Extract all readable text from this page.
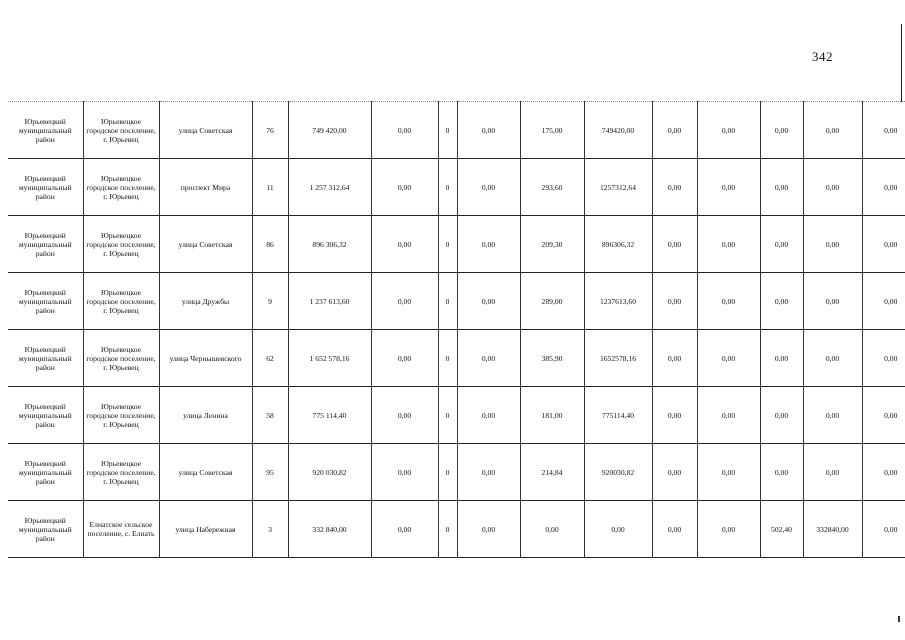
342
Юрьевецкий муниципальный район	Юрьевецкое городское поселение, г. Юрьевец	улица Советская	76	749 420,00	0,00	0	0,00	175,00	749420,00	0,00	0,00	0,00	0,00	0,00
Юрьевецкий муниципальный район	Юрьевецкое городское поселение, г. Юрьевец	проспект Мира	11	1 257 312,64	0,00	0	0,00	293,60	1257312,64	0,00	0,00	0,00	0,00	0,00
Юрьевецкий муниципальный район	Юрьевецкое городское поселение, г. Юрьевец	улица Советская	86	896 306,32	0,00	0	0,00	209,30	896306,32	0,00	0,00	0,00	0,00	0,00
Юрьевецкий муниципальный район	Юрьевецкое городское поселение, г. Юрьевец	улица Дружбы	9	1 237 613,60	0,00	0	0,00	289,00	1237613,60	0,00	0,00	0,00	0,00	0,00
Юрьевецкий муниципальный район	Юрьевецкое городское поселение, г. Юрьевец	улица Чернышевского	62	1 652 578,16	0,00	0	0,00	385,90	1652578,16	0,00	0,00	0,00	0,00	0,00
Юрьевецкий муниципальный район	Юрьевецкое городское поселение, г. Юрьевец	улица Ленина	58	775 114,40	0,00	0	0,00	181,00	775114,40	0,00	0,00	0,00	0,00	0,00
Юрьевецкий муниципальный район	Юрьевецкое городское поселение, г. Юрьевец	улица Советская	95	920 030,82	0,00	0	0,00	214,84	920030,82	0,00	0,00	0,00	0,00	0,00
Юрьевецкий муниципальный район	Елнатское сельское поселение, с. Елнать	улица Набережная	3	332 840,00	0,00	0	0,00	0,00	0,00	0,00	0,00	502,40	332840,00	0,00
